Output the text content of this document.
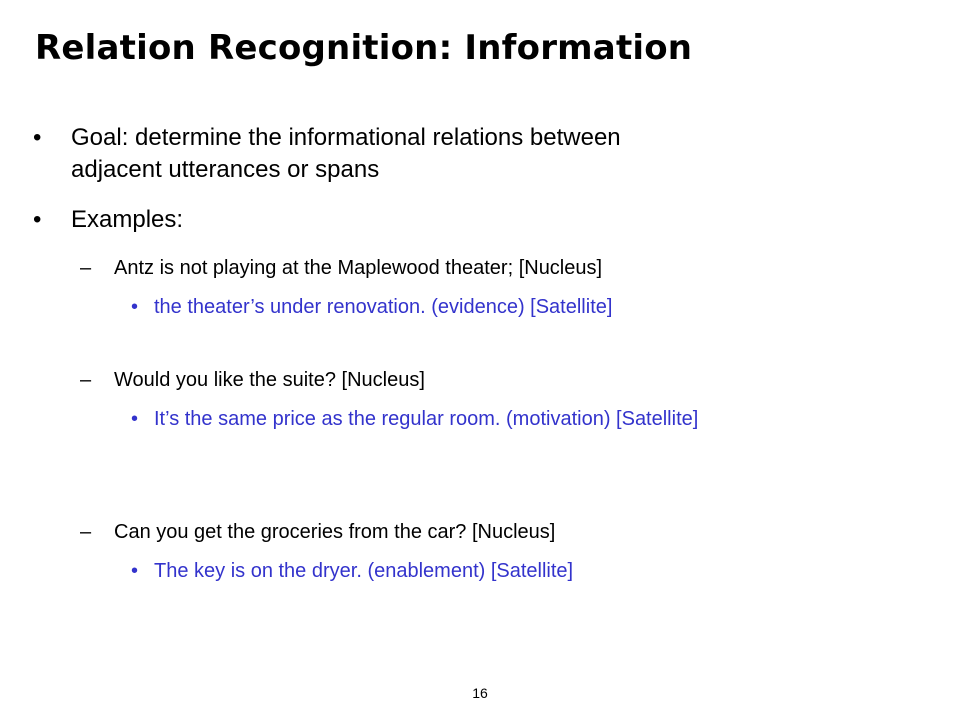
Relation Recognition: Information
• Goal: determine the informational relations between

adjacent utterances or spans

• Examples:

– Antz is not playing at the Maplewood theater; [Nucleus]

• the theater’s under renovation. (evidence) [Satellite]

– Would you like the suite? [Nucleus]

• It’s the same price as the regular room. (motivation) [Satellite]

– Can you get the groceries from the car? [Nucleus]

• The key is on the dryer. (enablement) [Satellite]

16
